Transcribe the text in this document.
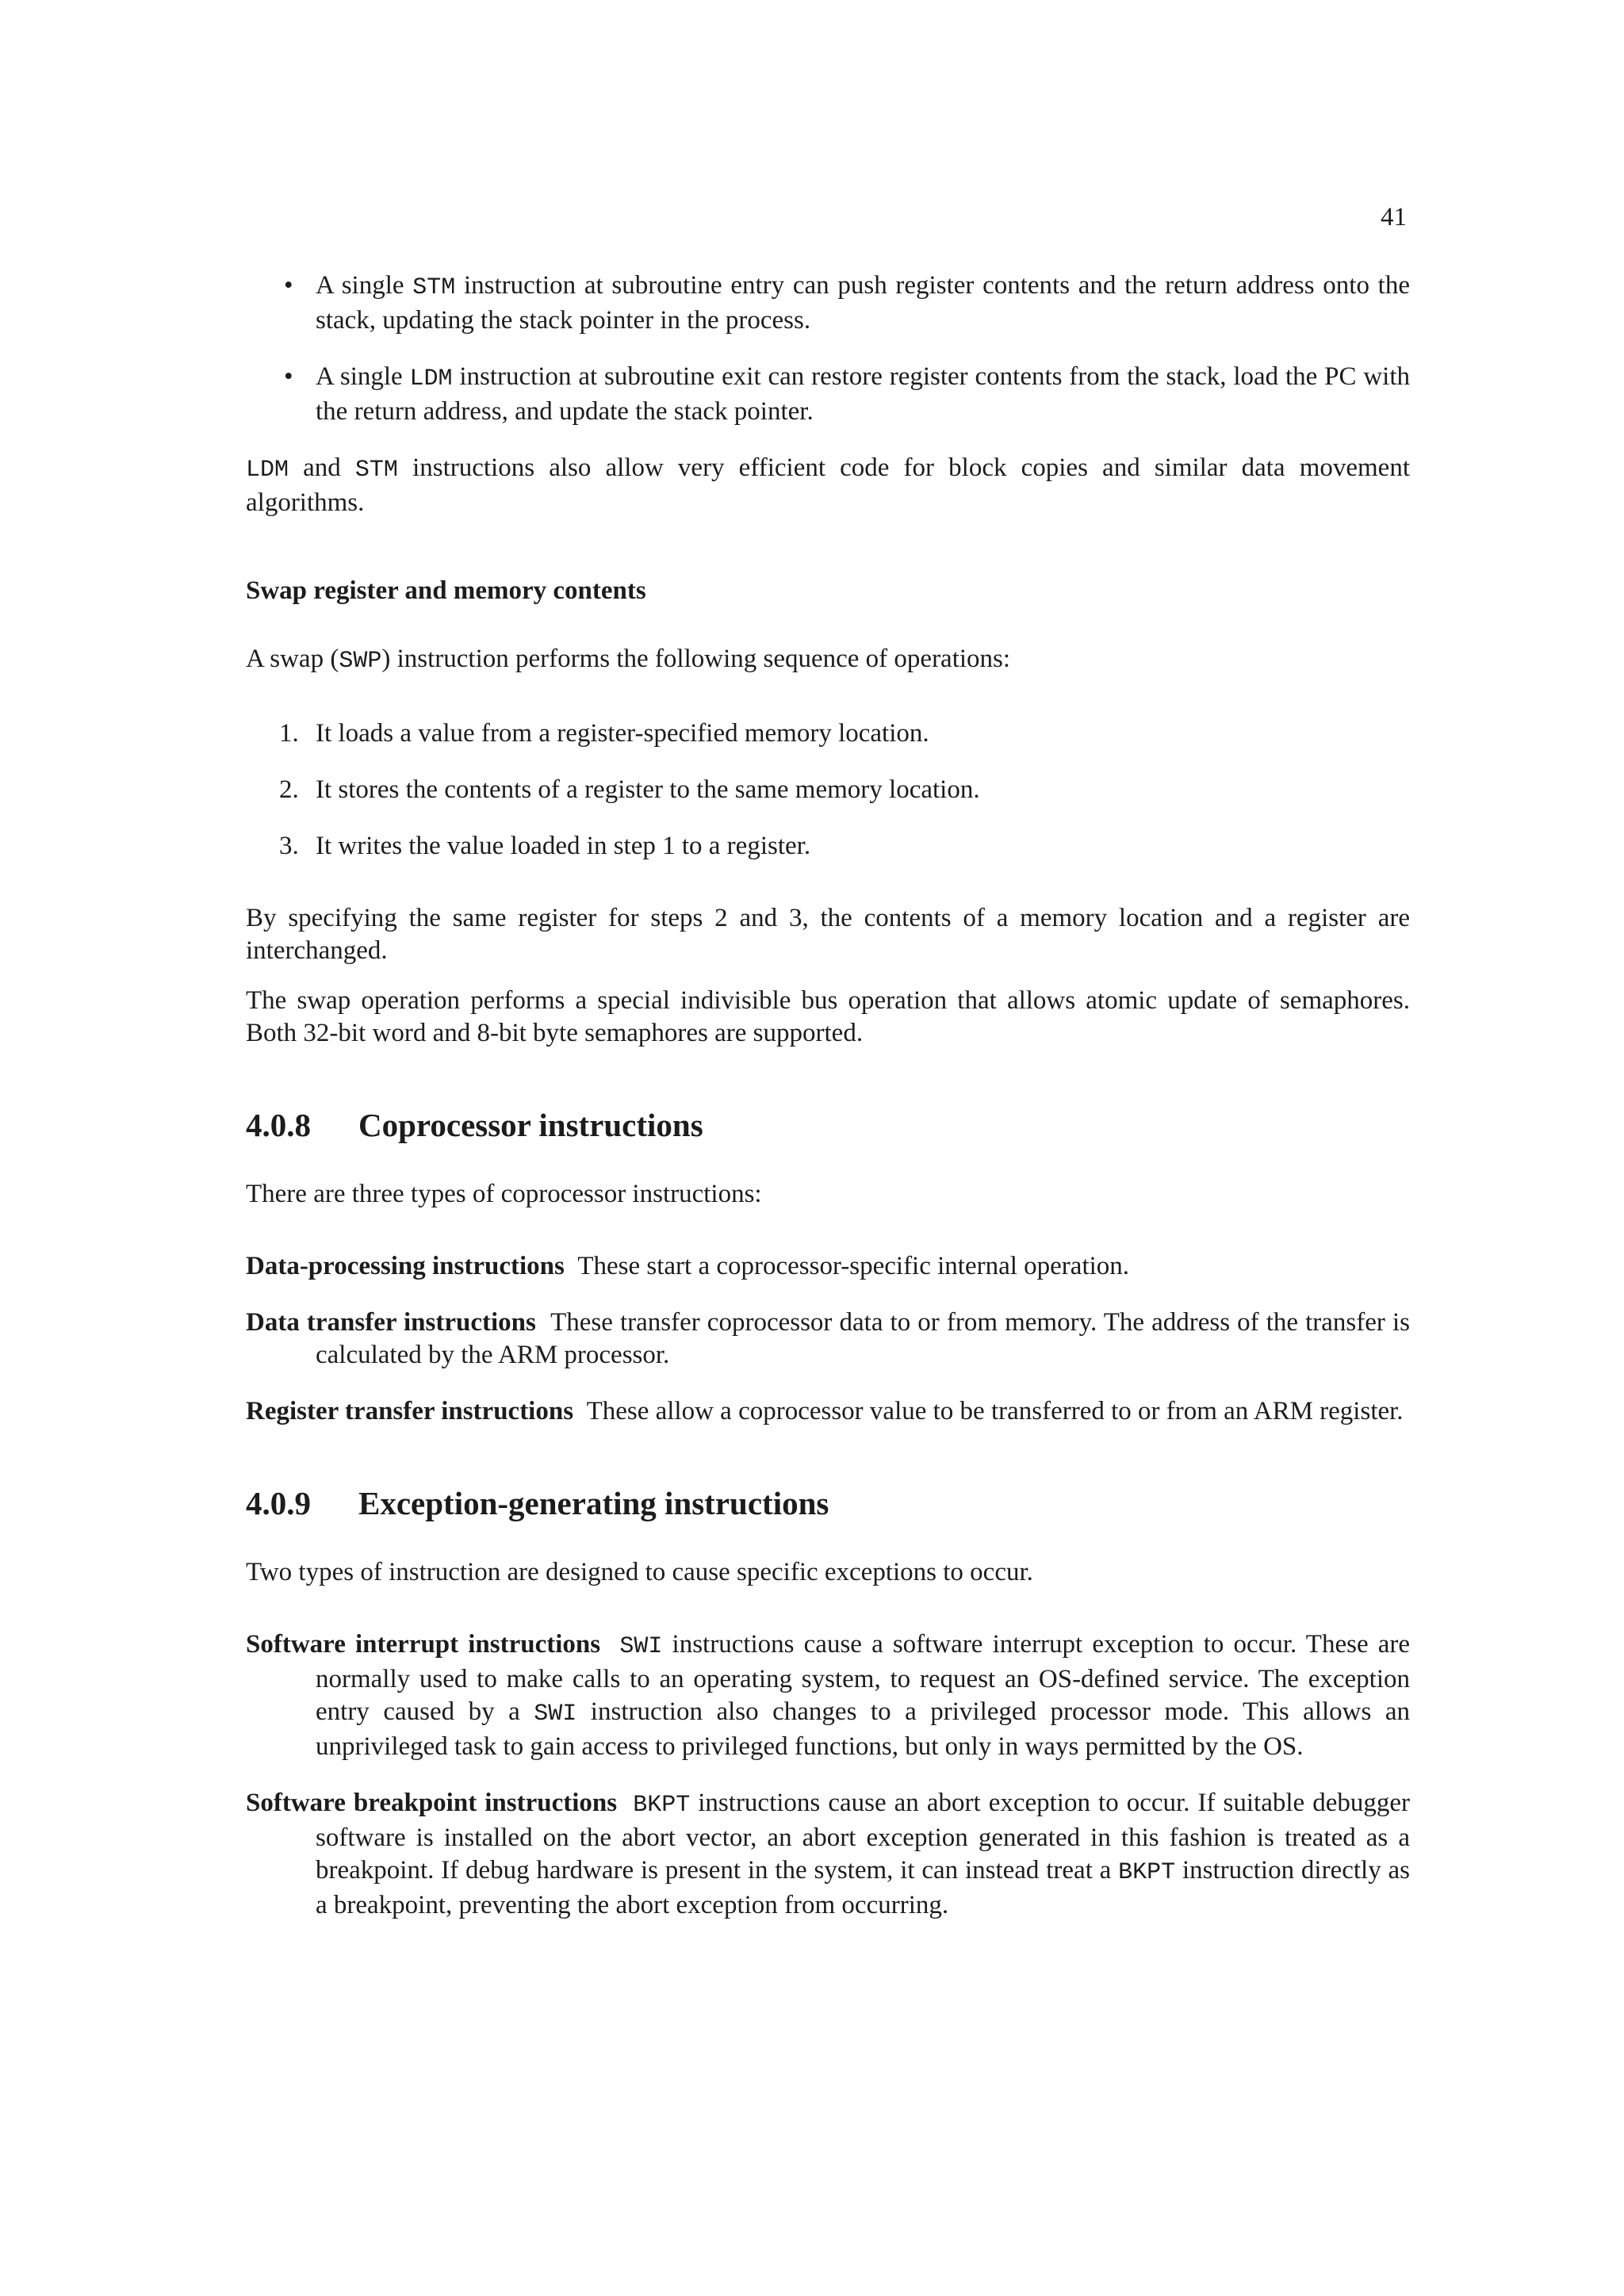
41
• A single STM instruction at subroutine entry can push register contents and the return address onto the stack, updating the stack pointer in the process.
• A single LDM instruction at subroutine exit can restore register contents from the stack, load the PC with the return address, and update the stack pointer.

LDM and STM instructions also allow very efficient code for block copies and similar data movement algorithms.

Swap register and memory contents

A swap (SWP) instruction performs the following sequence of operations:

1. It loads a value from a register-specified memory location.
2. It stores the contents of a register to the same memory location.
3. It writes the value loaded in step 1 to a register.

By specifying the same register for steps 2 and 3, the contents of a memory location and a register are interchanged.

The swap operation performs a special indivisible bus operation that allows atomic update of semaphores. Both 32-bit word and 8-bit byte semaphores are supported.

4.0.8 Coprocessor instructions

There are three types of coprocessor instructions:

Data-processing instructions These start a coprocessor-specific internal operation.
Data transfer instructions These transfer coprocessor data to or from memory. The address of the transfer is calculated by the ARM processor.
Register transfer instructions These allow a coprocessor value to be transferred to or from an ARM register.
4.0.9 Exception-generating instructions

Two types of instruction are designed to cause specific exceptions to occur.

Software interrupt instructions SWI instructions cause a software interrupt exception to occur. These are normally used to make calls to an operating system, to request an OS-defined service. The exception entry caused by a SWI instruction also changes to a privileged processor mode. This allows an unprivileged task to gain access to privileged functions, but only in ways permitted by the OS.
Software breakpoint instructions BKPT instructions cause an abort exception to occur. If suitable debugger software is installed on the abort vector, an abort exception generated in this fashion is treated as a breakpoint. If debug hardware is present in the system, it can instead treat a BKPT instruction directly as a breakpoint, preventing the abort exception from occurring.
